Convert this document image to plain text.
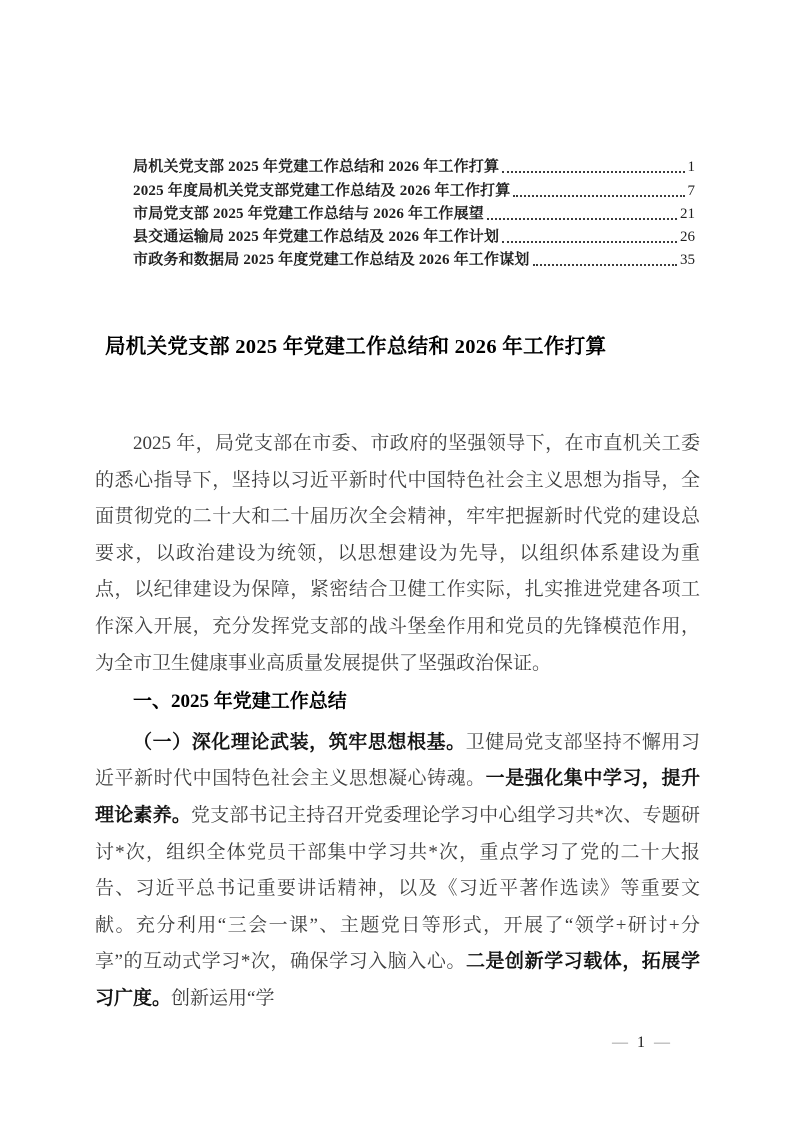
局机关党支部 2025 年党建工作总结和 2026 年工作打算	1
2025 年度局机关党支部党建工作总结及 2026 年工作打算	7
市局党支部 2025 年党建工作总结与 2026 年工作展望	21
县交通运输局 2025 年党建工作总结及 2026 年工作计划	26
市政务和数据局 2025 年度党建工作总结及 2026 年工作谋划	35
局机关党支部 2025 年党建工作总结和 2026 年工作打算

2025 年，局党支部在市委、市政府的坚强领导下，在市直机关工委的悉心指导下，坚持以习近平新时代中国特色社会主义思想为指导，全面贯彻党的二十大和二十届历次全会精神，牢牢把握新时代党的建设总要求，以政治建设为统领，以思想建设为先导，以组织体系建设为重点，以纪律建设为保障，紧密结合卫健工作实际，扎实推进党建各项工作深入开展，充分发挥党支部的战斗堡垒作用和党员的先锋模范作用，为全市卫生健康事业高质量发展提供了坚强政治保证。

一、2025 年党建工作总结

（一）深化理论武装，筑牢思想根基。卫健局党支部坚持不懈用习近平新时代中国特色社会主义思想凝心铸魂。一是强化集中学习，提升理论素养。党支部书记主持召开党委理论学习中心组学习共*次、专题研讨*次，组织全体党员干部集中学习共*次，重点学习了党的二十大报告、习近平总书记重要讲话精神，以及《习近平著作选读》等重要文献。充分利用“三会一课”、主题党日等形式，开展了“领学+研讨+分享”的互动式学习*次，确保学习入脑入心。二是创新学习载体，拓展学习广度。创新运用“学

— 1 —
